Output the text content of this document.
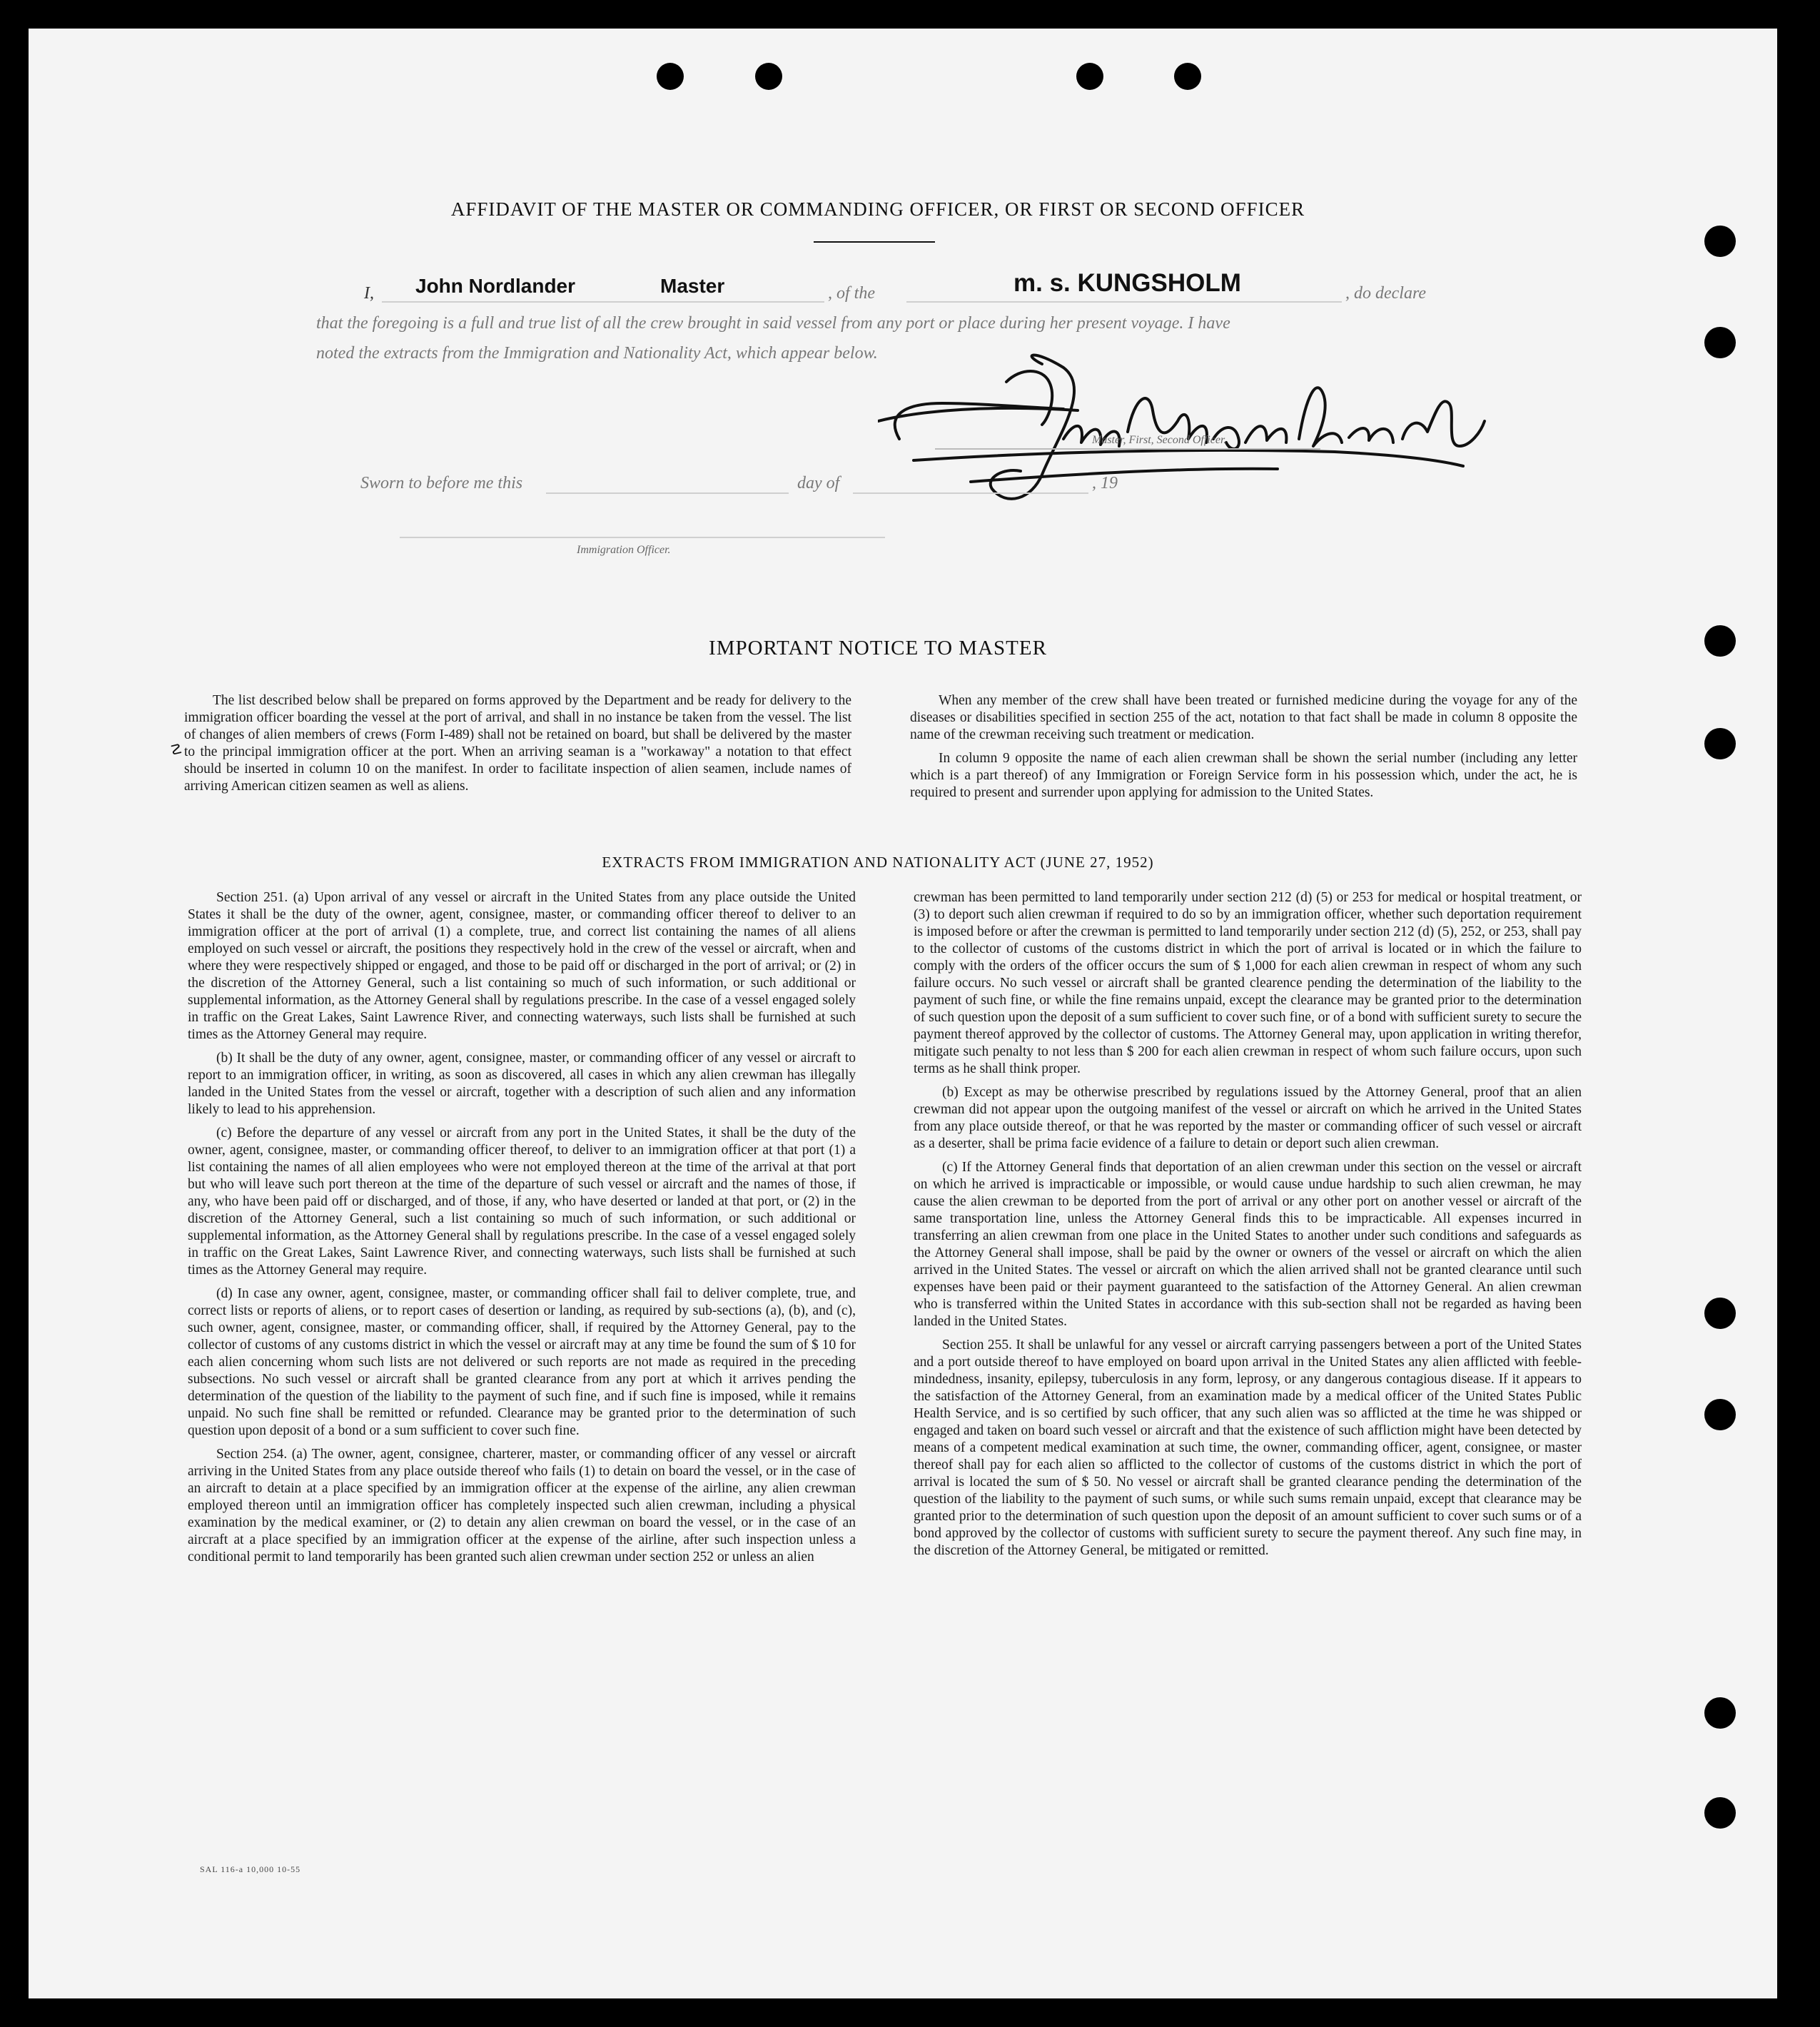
AFFIDAVIT OF THE MASTER OR COMMANDING OFFICER, OR FIRST OR SECOND OFFICER
I, John Nordlander	Master	, of the	m. s. KUNGSHOLM	, do declare
that the foregoing is a full and true list of all the crew brought in said vessel from any port or place during her present voyage. I have
noted the extracts from the Immigration and Nationality Act, which appear below.
Master, First, Second Officer.
Sworn to before me this	day of	, 19
Immigration Officer.
IMPORTANT NOTICE TO MASTER
☡

The list described below shall be prepared on forms approved by the Department and be ready for delivery to the immigration officer boarding the vessel at the port of arrival, and shall in no instance be taken from the vessel. The list of changes of alien members of crews (Form I-489) shall not be retained on board, but shall be delivered by the master to the principal immigration officer at the port. When an arriving seaman is a "workaway" a notation to that effect should be inserted in column 10 on the manifest. In order to facilitate inspection of alien seamen, include names of arriving American citizen seamen as well as aliens.

When any member of the crew shall have been treated or furnished medicine during the voyage for any of the diseases or disabilities specified in section 255 of the act, notation to that fact shall be made in column 8 opposite the name of the crewman receiving such treatment or medication.

In column 9 opposite the name of each alien crewman shall be shown the serial number (including any letter which is a part thereof) of any Immigration or Foreign Service form in his possession which, under the act, he is required to present and surrender upon applying for admission to the United States.

EXTRACTS FROM IMMIGRATION AND NATIONALITY ACT (JUNE 27, 1952)

Section 251. (a) Upon arrival of any vessel or aircraft in the United States from any place outside the United States it shall be the duty of the owner, agent, consignee, master, or commanding officer thereof to deliver to an immigration officer at the port of arrival (1) a complete, true, and correct list containing the names of all aliens employed on such vessel or aircraft, the positions they respectively hold in the crew of the vessel or aircraft, when and where they were respectively shipped or engaged, and those to be paid off or discharged in the port of arrival; or (2) in the discretion of the Attorney General, such a list containing so much of such information, or such additional or supplemental information, as the Attorney General shall by regulations prescribe. In the case of a vessel engaged solely in traffic on the Great Lakes, Saint Lawrence River, and connecting waterways, such lists shall be furnished at such times as the Attorney General may require.

(b) It shall be the duty of any owner, agent, consignee, master, or commanding officer of any vessel or aircraft to report to an immigration officer, in writing, as soon as discovered, all cases in which any alien crewman has illegally landed in the United States from the vessel or aircraft, together with a description of such alien and any information likely to lead to his apprehension.

(c) Before the departure of any vessel or aircraft from any port in the United States, it shall be the duty of the owner, agent, consignee, master, or commanding officer thereof, to deliver to an immigration officer at that port (1) a list containing the names of all alien employees who were not employed thereon at the time of the arrival at that port but who will leave such port thereon at the time of the departure of such vessel or aircraft and the names of those, if any, who have been paid off or discharged, and of those, if any, who have deserted or landed at that port, or (2) in the discretion of the Attorney General, such a list containing so much of such information, or such additional or supplemental information, as the Attorney General shall by regulations prescribe. In the case of a vessel engaged solely in traffic on the Great Lakes, Saint Lawrence River, and connecting waterways, such lists shall be furnished at such times as the Attorney General may require.

(d) In case any owner, agent, consignee, master, or commanding officer shall fail to deliver complete, true, and correct lists or reports of aliens, or to report cases of desertion or landing, as required by sub-sections (a), (b), and (c), such owner, agent, consignee, master, or commanding officer, shall, if required by the Attorney General, pay to the collector of customs of any customs district in which the vessel or aircraft may at any time be found the sum of $ 10 for each alien concerning whom such lists are not delivered or such reports are not made as required in the preceding subsections. No such vessel or aircraft shall be granted clearance from any port at which it arrives pending the determination of the question of the liability to the payment of such fine, and if such fine is imposed, while it remains unpaid. No such fine shall be remitted or refunded. Clearance may be granted prior to the determination of such question upon deposit of a bond or a sum sufficient to cover such fine.

Section 254. (a) The owner, agent, consignee, charterer, master, or commanding officer of any vessel or aircraft arriving in the United States from any place outside thereof who fails (1) to detain on board the vessel, or in the case of an aircraft to detain at a place specified by an immigration officer at the expense of the airline, any alien crewman employed thereon until an immigration officer has completely inspected such alien crewman, including a physical examination by the medical examiner, or (2) to detain any alien crewman on board the vessel, or in the case of an aircraft at a place specified by an immigration officer at the expense of the airline, after such inspection unless a conditional permit to land temporarily has been granted such alien crewman under section 252 or unless an alien

crewman has been permitted to land temporarily under section 212 (d) (5) or 253 for medical or hospital treatment, or (3) to deport such alien crewman if required to do so by an immigration officer, whether such deportation requirement is imposed before or after the crewman is permitted to land temporarily under section 212 (d) (5), 252, or 253, shall pay to the collector of customs of the customs district in which the port of arrival is located or in which the failure to comply with the orders of the officer occurs the sum of $ 1,000 for each alien crewman in respect of whom any such failure occurs. No such vessel or aircraft shall be granted clearence pending the determination of the liability to the payment of such fine, or while the fine remains unpaid, except the clearance may be granted prior to the determination of such question upon the deposit of a sum sufficient to cover such fine, or of a bond with sufficient surety to secure the payment thereof approved by the collector of customs. The Attorney General may, upon application in writing therefor, mitigate such penalty to not less than $ 200 for each alien crewman in respect of whom such failure occurs, upon such terms as he shall think proper.

(b) Except as may be otherwise prescribed by regulations issued by the Attorney General, proof that an alien crewman did not appear upon the outgoing manifest of the vessel or aircraft on which he arrived in the United States from any place outside thereof, or that he was reported by the master or commanding officer of such vessel or aircraft as a deserter, shall be prima facie evidence of a failure to detain or deport such alien crewman.

(c) If the Attorney General finds that deportation of an alien crewman under this section on the vessel or aircraft on which he arrived is impracticable or impossible, or would cause undue hardship to such alien crewman, he may cause the alien crewman to be deported from the port of arrival or any other port on another vessel or aircraft of the same transportation line, unless the Attorney General finds this to be impracticable. All expenses incurred in transferring an alien crewman from one place in the United States to another under such conditions and safeguards as the Attorney General shall impose, shall be paid by the owner or owners of the vessel or aircraft on which the alien arrived in the United States. The vessel or aircraft on which the alien arrived shall not be granted clearance until such expenses have been paid or their payment guaranteed to the satisfaction of the Attorney General. An alien crewman who is transferred within the United States in accordance with this sub-section shall not be regarded as having been landed in the United States.

Section 255. It shall be unlawful for any vessel or aircraft carrying passengers between a port of the United States and a port outside thereof to have employed on board upon arrival in the United States any alien afflicted with feeble-mindedness, insanity, epilepsy, tuberculosis in any form, leprosy, or any dangerous contagious disease. If it appears to the satisfaction of the Attorney General, from an examination made by a medical officer of the United States Public Health Service, and is so certified by such officer, that any such alien was so afflicted at the time he was shipped or engaged and taken on board such vessel or aircraft and that the existence of such affliction might have been detected by means of a competent medical examination at such time, the owner, commanding officer, agent, consignee, or master thereof shall pay for each alien so afflicted to the collector of customs of the customs district in which the port of arrival is located the sum of $ 50. No vessel or aircraft shall be granted clearance pending the determination of the question of the liability to the payment of such sums, or while such sums remain unpaid, except that clearance may be granted prior to the determination of such question upon the deposit of an amount sufficient to cover such sums or of a bond approved by the collector of customs with sufficient surety to secure the payment thereof. Any such fine may, in the discretion of the Attorney General, be mitigated or remitted.

SAL 116-a 10,000 10-55
